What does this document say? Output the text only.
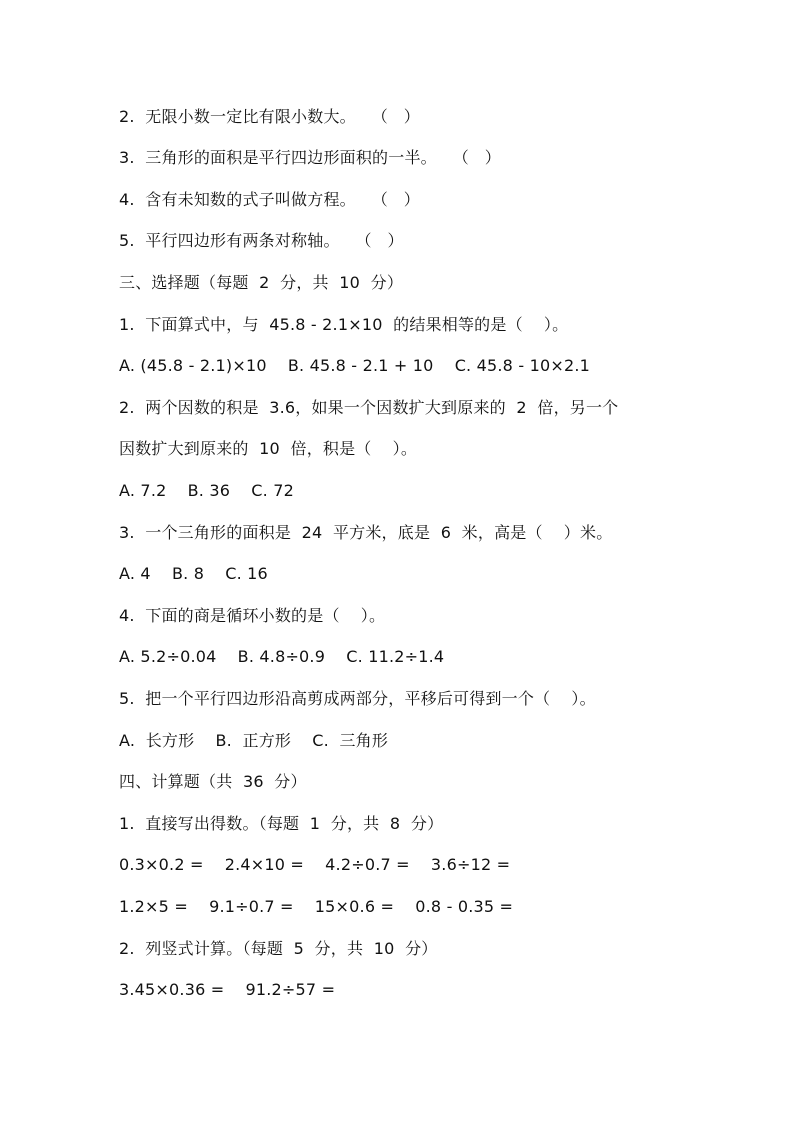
2.  无限小数一定比有限小数大。   （   ）
3.  三角形的面积是平行四边形面积的一半。   （   ）
4.  含有未知数的式子叫做方程。   （   ）
5.  平行四边形有两条对称轴。   （   ）
三、选择题（每题  2  分，共  10  分）
1.  下面算式中，与  45.8 - 2.1×10  的结果相等的是（    ）。
A. (45.8 - 2.1)×10    B. 45.8 - 2.1 + 10    C. 45.8 - 10×2.1
2.  两个因数的积是  3.6，如果一个因数扩大到原来的  2  倍，另一个
因数扩大到原来的  10  倍，积是（    ）。
A. 7.2    B. 36    C. 72
3.  一个三角形的面积是  24  平方米，底是  6  米，高是（    ）米。
A. 4    B. 8    C. 16
4.  下面的商是循环小数的是（    ）。
A. 5.2÷0.04    B. 4.8÷0.9    C. 11.2÷1.4
5.  把一个平行四边形沿高剪成两部分，平移后可得到一个（    ）。
A.  长方形    B.  正方形    C.  三角形
四、计算题（共  36  分）
1.  直接写出得数。（每题  1  分，共  8  分）
0.3×0.2 =    2.4×10 =    4.2÷0.7 =    3.6÷12 =
1.2×5 =    9.1÷0.7 =    15×0.6 =    0.8 - 0.35 =
2.  列竖式计算。（每题  5  分，共  10  分）
3.45×0.36 =    91.2÷57 =
